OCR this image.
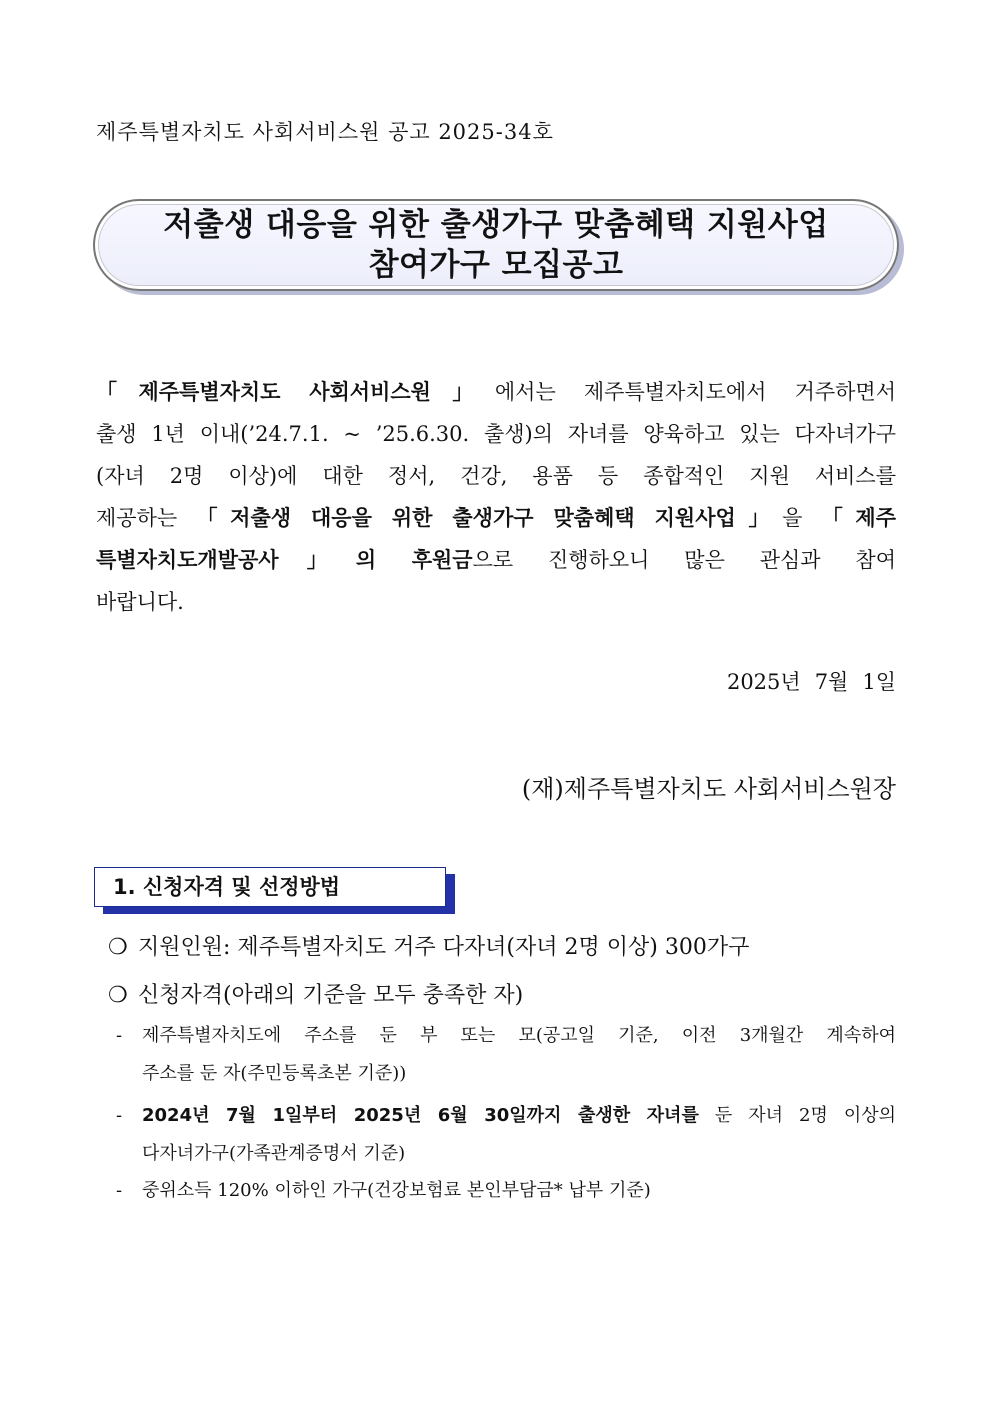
제주특별자치도 사회서비스원 공고 2025-34호
저출생 대응을 위한 출생가구 맞춤혜택 지원사업
참여가구 모집공고
「제주특별자치도 사회서비스원」에서는 제주특별자치도에서 거주하면서
출생 1년 이내(’24.7.1. ~ ’25.6.30. 출생)의 자녀를 양육하고 있는 다자녀가구
(자녀 2명 이상)에 대한 정서, 건강, 용품 등 종합적인 지원 서비스를
제공하는 「저출생 대응을 위한 출생가구 맞춤혜택 지원사업」을 「제주
특별자치도개발공사」의 후원금으로 진행하오니 많은 관심과 참여
바랍니다.
2025년 7월 1일
(재)제주특별자치도 사회서비스원장
1. 신청자격 및 선정방법
❍ 지원인원: 제주특별자치도 거주 다자녀(자녀 2명 이상) 300가구
❍ 신청자격(아래의 기준을 모두 충족한 자)
- 제주특별자치도에 주소를 둔 부 또는 모(공고일 기준, 이전 3개월간 계속하여
주소를 둔 자(주민등록초본 기준))
- 2024년 7월 1일부터 2025년 6월 30일까지 출생한 자녀를 둔 자녀 2명 이상의
다자녀가구(가족관계증명서 기준)
- 중위소득 120% 이하인 가구(건강보험료 본인부담금* 납부 기준)
